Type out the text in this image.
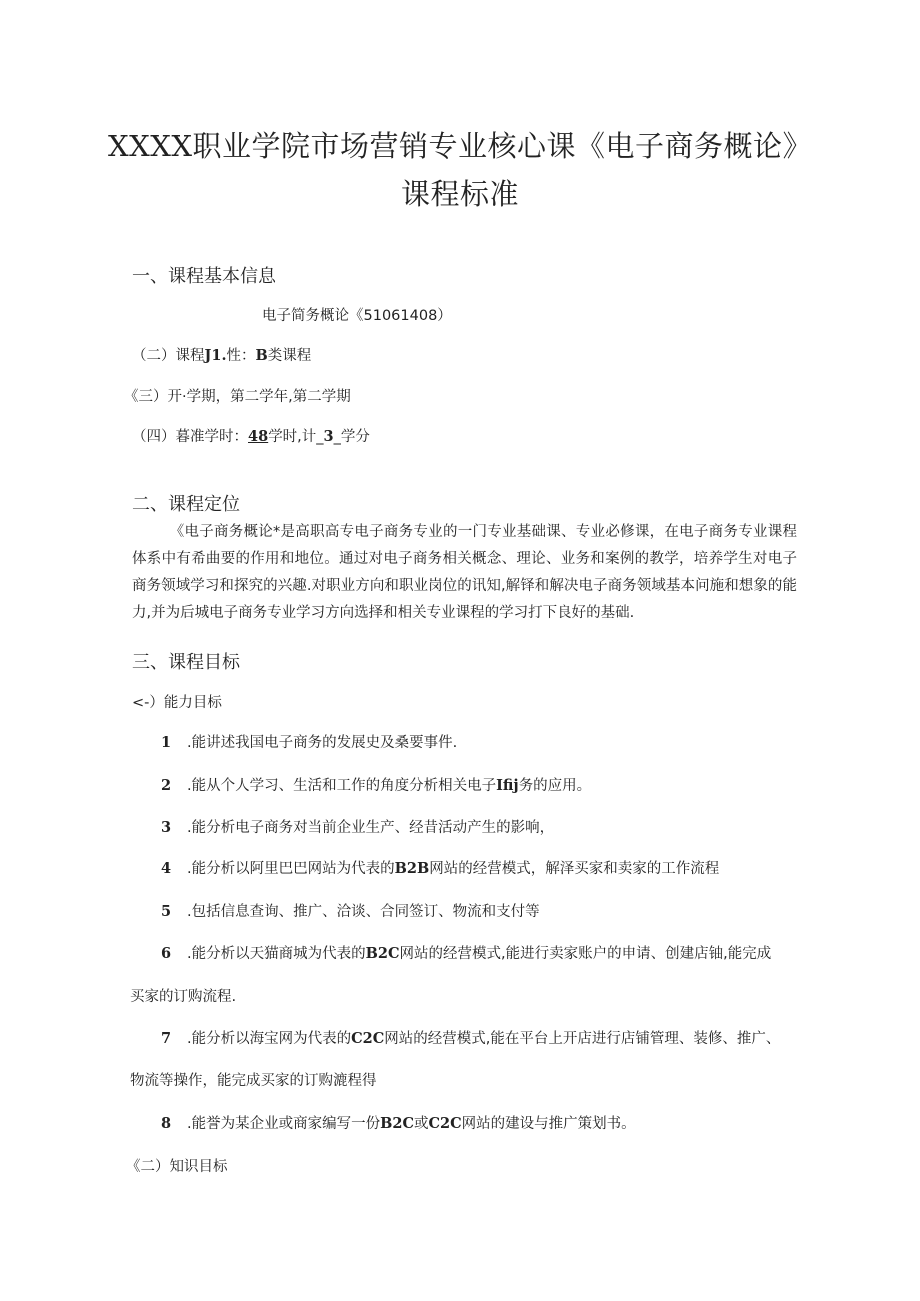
XXXX职业学院市场营销专业核心课《电子商务概论》
课程标准
一、课程基本信息
电子简务概论《51061408）
（二）课程J1.性：B类课程
《三）开·学期，第二学年,第二学期
（四）暮准学时：48学时,计_3_学分
二、课程定位
《电子商务概论*是高职高专电子商务专业的一门专业基础课、专业必修课，在电子商务专业课程体系中有希曲要的作用和地位。通过对电子商务相关概念、理论、业务和案例的教学，培养学生对电子商务领域学习和探究的兴趣.对职业方向和职业岗位的讯知,解铎和解决电子商务领域基本问施和想象的能力,并为后城电子商务专业学习方向选择和相关专业课程的学习打下良好的基础.
三、课程目标
<-）能力目标
1 .能讲述我国电子商务的发展史及桑要事件.
2 .能从个人学习、生活和工作的角度分析相关电子Ifij务的应用。
3 .能分析电子商务对当前企业生产、经昔活动产生的影响，
4 .能分析以阿里巴巴网站为代表的B2B网站的经营模式，解泽买家和卖家的工作流程
5 .包括信息查询、推广、洽谈、合同签订、物流和支付等
6 .能分析以天猫商城为代表的B2C网站的经营模式,能进行卖家账户的申请、创建店铀,能完成
买家的订购流程.
7 .能分析以海宝网为代表的C2C网站的经营模式,能在平台上开店进行店铺管理、装修、推广、
物流等操作，能完成买家的订购漉程得
8 .能誉为某企业或商家编写一份B2C或C2C网站的建设与推广策划书。
《二）知识目标
